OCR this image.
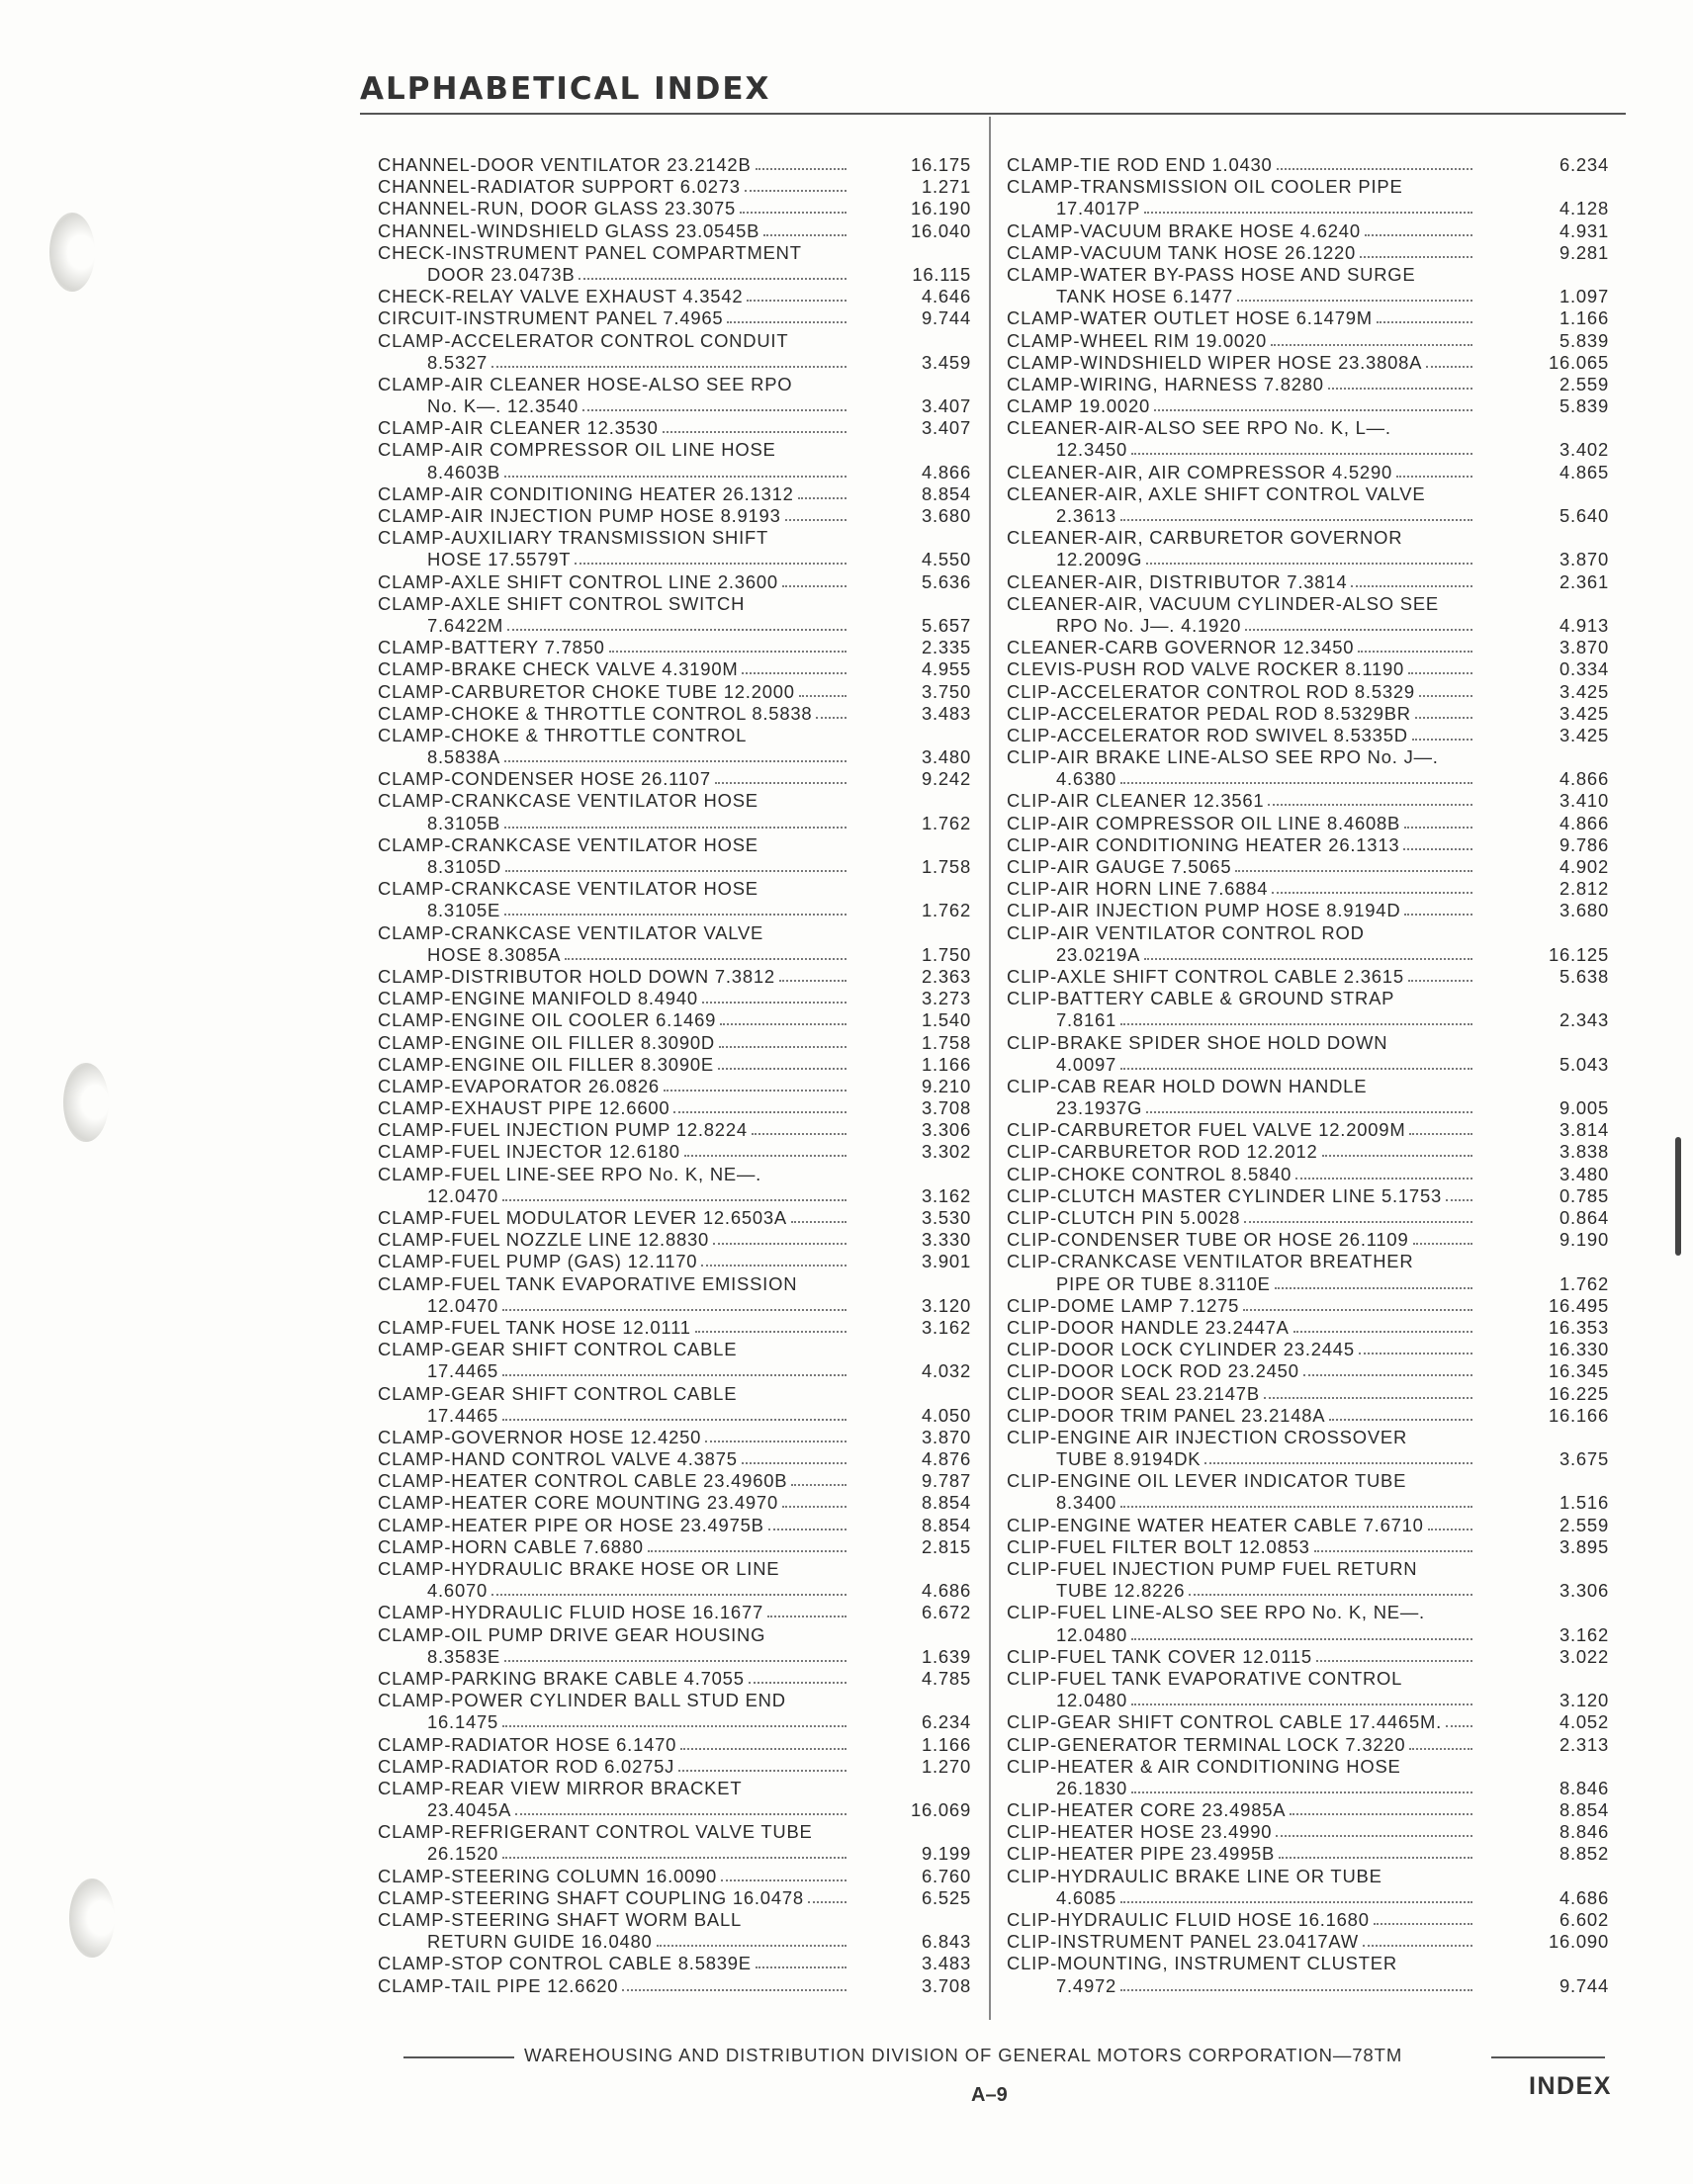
ALPHABETICAL INDEX
CHANNEL-DOOR VENTILATOR 23.2142B	16.175
CHANNEL-RADIATOR SUPPORT 6.0273	1.271
CHANNEL-RUN, DOOR GLASS 23.3075	16.190
CHANNEL-WINDSHIELD GLASS 23.0545B	16.040
CHECK-INSTRUMENT PANEL COMPARTMENT
DOOR 23.0473B	16.115
CHECK-RELAY VALVE EXHAUST 4.3542	4.646
CIRCUIT-INSTRUMENT PANEL 7.4965	9.744
CLAMP-ACCELERATOR CONTROL CONDUIT
8.5327	3.459
CLAMP-AIR CLEANER HOSE-ALSO SEE RPO
No. K—. 12.3540	3.407
CLAMP-AIR CLEANER 12.3530	3.407
CLAMP-AIR COMPRESSOR OIL LINE HOSE
8.4603B	4.866
CLAMP-AIR CONDITIONING HEATER 26.1312	8.854
CLAMP-AIR INJECTION PUMP HOSE 8.9193	3.680
CLAMP-AUXILIARY TRANSMISSION SHIFT
HOSE 17.5579T	4.550
CLAMP-AXLE SHIFT CONTROL LINE 2.3600	5.636
CLAMP-AXLE SHIFT CONTROL SWITCH
7.6422M	5.657
CLAMP-BATTERY 7.7850	2.335
CLAMP-BRAKE CHECK VALVE 4.3190M	4.955
CLAMP-CARBURETOR CHOKE TUBE 12.2000	3.750
CLAMP-CHOKE & THROTTLE CONTROL 8.5838	3.483
CLAMP-CHOKE & THROTTLE CONTROL
8.5838A	3.480
CLAMP-CONDENSER HOSE 26.1107	9.242
CLAMP-CRANKCASE VENTILATOR HOSE
8.3105B	1.762
CLAMP-CRANKCASE VENTILATOR HOSE
8.3105D	1.758
CLAMP-CRANKCASE VENTILATOR HOSE
8.3105E	1.762
CLAMP-CRANKCASE VENTILATOR VALVE
HOSE 8.3085A	1.750
CLAMP-DISTRIBUTOR HOLD DOWN 7.3812	2.363
CLAMP-ENGINE MANIFOLD 8.4940	3.273
CLAMP-ENGINE OIL COOLER 6.1469	1.540
CLAMP-ENGINE OIL FILLER 8.3090D	1.758
CLAMP-ENGINE OIL FILLER 8.3090E	1.166
CLAMP-EVAPORATOR 26.0826	9.210
CLAMP-EXHAUST PIPE 12.6600	3.708
CLAMP-FUEL INJECTION PUMP 12.8224	3.306
CLAMP-FUEL INJECTOR 12.6180	3.302
CLAMP-FUEL LINE-SEE RPO No. K, NE—.
12.0470	3.162
CLAMP-FUEL MODULATOR LEVER 12.6503A	3.530
CLAMP-FUEL NOZZLE LINE 12.8830	3.330
CLAMP-FUEL PUMP (GAS) 12.1170	3.901
CLAMP-FUEL TANK EVAPORATIVE EMISSION
12.0470	3.120
CLAMP-FUEL TANK HOSE 12.0111	3.162
CLAMP-GEAR SHIFT CONTROL CABLE
17.4465	4.032
CLAMP-GEAR SHIFT CONTROL CABLE
17.4465	4.050
CLAMP-GOVERNOR HOSE 12.4250	3.870
CLAMP-HAND CONTROL VALVE 4.3875	4.876
CLAMP-HEATER CONTROL CABLE 23.4960B	9.787
CLAMP-HEATER CORE MOUNTING 23.4970	8.854
CLAMP-HEATER PIPE OR HOSE 23.4975B	8.854
CLAMP-HORN CABLE 7.6880	2.815
CLAMP-HYDRAULIC BRAKE HOSE OR LINE
4.6070	4.686
CLAMP-HYDRAULIC FLUID HOSE 16.1677	6.672
CLAMP-OIL PUMP DRIVE GEAR HOUSING
8.3583E	1.639
CLAMP-PARKING BRAKE CABLE 4.7055	4.785
CLAMP-POWER CYLINDER BALL STUD END
16.1475	6.234
CLAMP-RADIATOR HOSE 6.1470	1.166
CLAMP-RADIATOR ROD 6.0275J	1.270
CLAMP-REAR VIEW MIRROR BRACKET
23.4045A	16.069
CLAMP-REFRIGERANT CONTROL VALVE TUBE
26.1520	9.199
CLAMP-STEERING COLUMN 16.0090	6.760
CLAMP-STEERING SHAFT COUPLING 16.0478	6.525
CLAMP-STEERING SHAFT WORM BALL
RETURN GUIDE 16.0480	6.843
CLAMP-STOP CONTROL CABLE 8.5839E	3.483
CLAMP-TAIL PIPE 12.6620	3.708
CLAMP-TIE ROD END 1.0430	6.234
CLAMP-TRANSMISSION OIL COOLER PIPE
17.4017P	4.128
CLAMP-VACUUM BRAKE HOSE 4.6240	4.931
CLAMP-VACUUM TANK HOSE 26.1220	9.281
CLAMP-WATER BY-PASS HOSE AND SURGE
TANK HOSE 6.1477	1.097
CLAMP-WATER OUTLET HOSE 6.1479M	1.166
CLAMP-WHEEL RIM 19.0020	5.839
CLAMP-WINDSHIELD WIPER HOSE 23.3808A	16.065
CLAMP-WIRING, HARNESS 7.8280	2.559
CLAMP 19.0020	5.839
CLEANER-AIR-ALSO SEE RPO No. K, L—.
12.3450	3.402
CLEANER-AIR, AIR COMPRESSOR 4.5290	4.865
CLEANER-AIR, AXLE SHIFT CONTROL VALVE
2.3613	5.640
CLEANER-AIR, CARBURETOR GOVERNOR
12.2009G	3.870
CLEANER-AIR, DISTRIBUTOR 7.3814	2.361
CLEANER-AIR, VACUUM CYLINDER-ALSO SEE
RPO No. J—. 4.1920	4.913
CLEANER-CARB GOVERNOR 12.3450	3.870
CLEVIS-PUSH ROD VALVE ROCKER 8.1190	0.334
CLIP-ACCELERATOR CONTROL ROD 8.5329	3.425
CLIP-ACCELERATOR PEDAL ROD 8.5329BR	3.425
CLIP-ACCELERATOR ROD SWIVEL 8.5335D	3.425
CLIP-AIR BRAKE LINE-ALSO SEE RPO No. J—.
4.6380	4.866
CLIP-AIR CLEANER 12.3561	3.410
CLIP-AIR COMPRESSOR OIL LINE 8.4608B	4.866
CLIP-AIR CONDITIONING HEATER 26.1313	9.786
CLIP-AIR GAUGE 7.5065	4.902
CLIP-AIR HORN LINE 7.6884	2.812
CLIP-AIR INJECTION PUMP HOSE 8.9194D	3.680
CLIP-AIR VENTILATOR CONTROL ROD
23.0219A	16.125
CLIP-AXLE SHIFT CONTROL CABLE 2.3615	5.638
CLIP-BATTERY CABLE & GROUND STRAP
7.8161	2.343
CLIP-BRAKE SPIDER SHOE HOLD DOWN
4.0097	5.043
CLIP-CAB REAR HOLD DOWN HANDLE
23.1937G	9.005
CLIP-CARBURETOR FUEL VALVE 12.2009M	3.814
CLIP-CARBURETOR ROD 12.2012	3.838
CLIP-CHOKE CONTROL 8.5840	3.480
CLIP-CLUTCH MASTER CYLINDER LINE 5.1753	0.785
CLIP-CLUTCH PIN 5.0028	0.864
CLIP-CONDENSER TUBE OR HOSE 26.1109	9.190
CLIP-CRANKCASE VENTILATOR BREATHER
PIPE OR TUBE 8.3110E	1.762
CLIP-DOME LAMP 7.1275	16.495
CLIP-DOOR HANDLE 23.2447A	16.353
CLIP-DOOR LOCK CYLINDER 23.2445	16.330
CLIP-DOOR LOCK ROD 23.2450	16.345
CLIP-DOOR SEAL 23.2147B	16.225
CLIP-DOOR TRIM PANEL 23.2148A	16.166
CLIP-ENGINE AIR INJECTION CROSSOVER
TUBE 8.9194DK	3.675
CLIP-ENGINE OIL LEVER INDICATOR TUBE
8.3400	1.516
CLIP-ENGINE WATER HEATER CABLE 7.6710	2.559
CLIP-FUEL FILTER BOLT 12.0853	3.895
CLIP-FUEL INJECTION PUMP FUEL RETURN
TUBE 12.8226	3.306
CLIP-FUEL LINE-ALSO SEE RPO No. K, NE—.
12.0480	3.162
CLIP-FUEL TANK COVER 12.0115	3.022
CLIP-FUEL TANK EVAPORATIVE CONTROL
12.0480	3.120
CLIP-GEAR SHIFT CONTROL CABLE 17.4465M.	4.052
CLIP-GENERATOR TERMINAL LOCK 7.3220	2.313
CLIP-HEATER & AIR CONDITIONING HOSE
26.1830	8.846
CLIP-HEATER CORE 23.4985A	8.854
CLIP-HEATER HOSE 23.4990	8.846
CLIP-HEATER PIPE 23.4995B	8.852
CLIP-HYDRAULIC BRAKE LINE OR TUBE
4.6085	4.686
CLIP-HYDRAULIC FLUID HOSE 16.1680	6.602
CLIP-INSTRUMENT PANEL 23.0417AW	16.090
CLIP-MOUNTING, INSTRUMENT CLUSTER
7.4972	9.744
WAREHOUSING AND DISTRIBUTION DIVISION OF GENERAL MOTORS CORPORATION—78TM
A–9	INDEX
